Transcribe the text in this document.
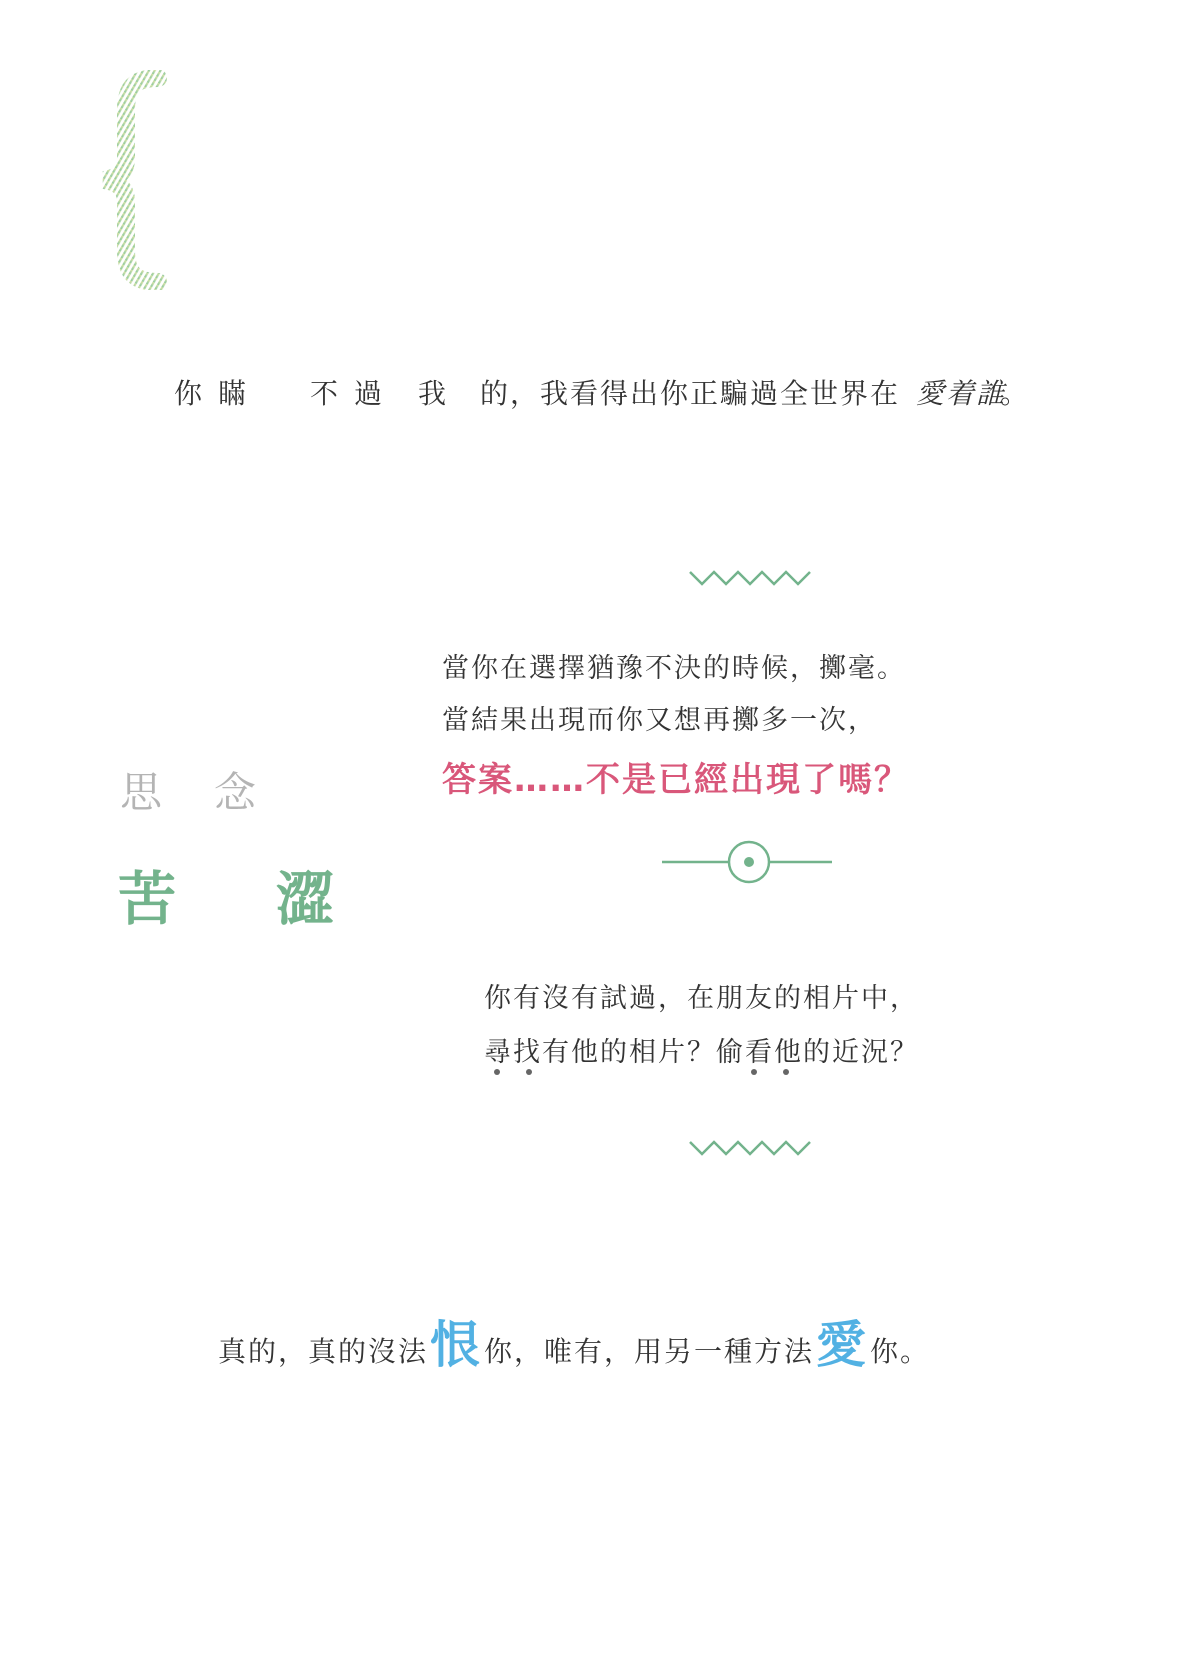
你 瞞 不 過 我 的，我看得出你正騙過全世界在 愛着誰
。
當你在選擇猶豫不決的時候，擲毫。
當結果出現而你又想再擲多一次，
答案……不是已經出現了嗎？
思 念
苦 澀
你有沒有試過，在朋友的相片中，
尋找有他的相片？偷看他的近況？
真的，真的沒法 恨 你，唯有，用另一種方法 愛 你。
